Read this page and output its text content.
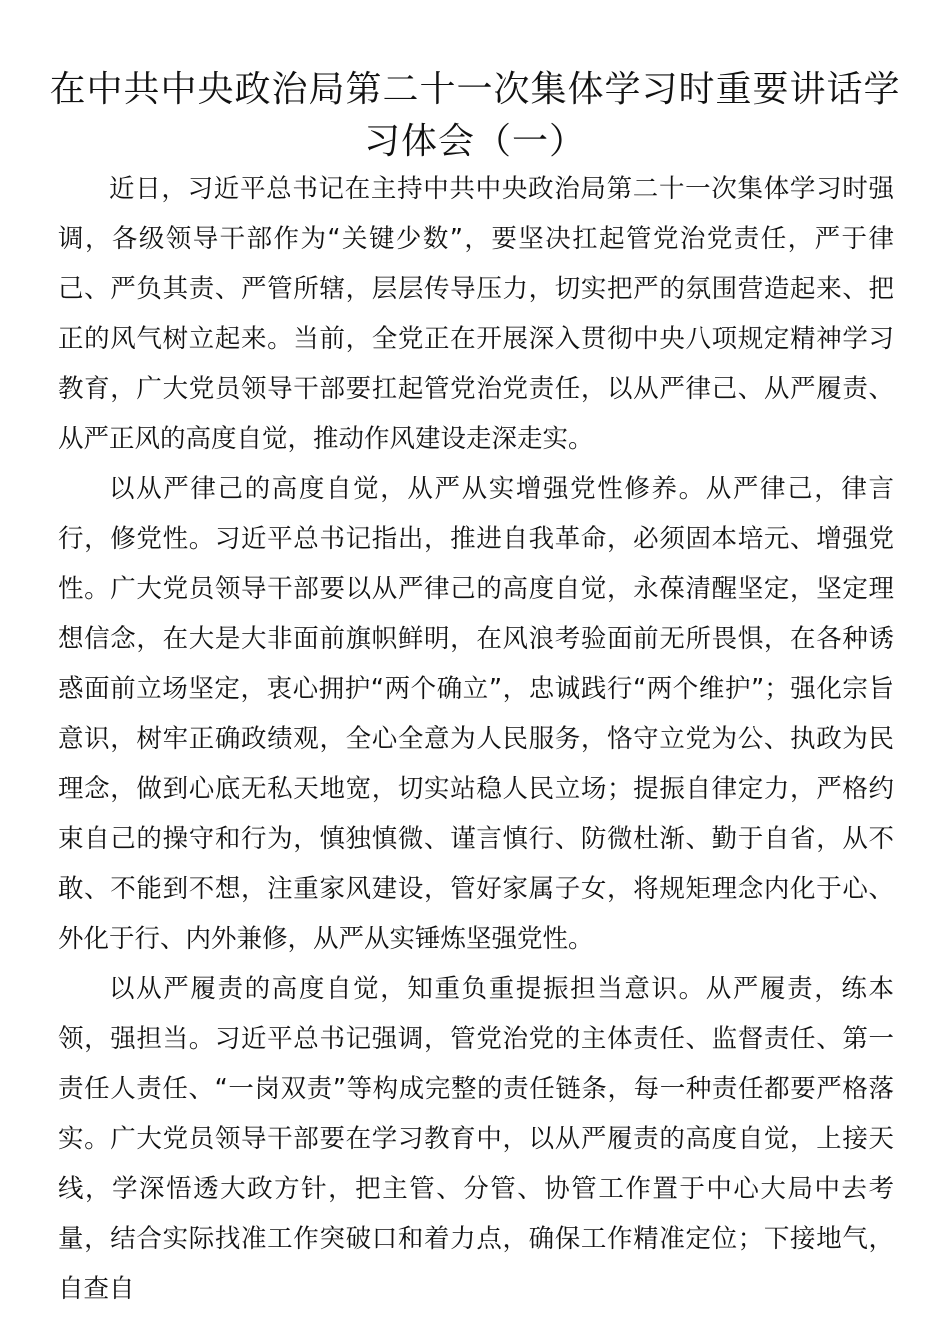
在中共中央政治局第二十一次集体学习时重要讲话学习体会（一）

近日，习近平总书记在主持中共中央政治局第二十一次集体学习时强调，各级领导干部作为“关键少数”，要坚决扛起管党治党责任，严于律己、严负其责、严管所辖，层层传导压力，切实把严的氛围营造起来、把正的风气树立起来。当前，全党正在开展深入贯彻中央八项规定精神学习教育，广大党员领导干部要扛起管党治党责任，以从严律己、从严履责、从严正风的高度自觉，推动作风建设走深走实。

以从严律己的高度自觉，从严从实增强党性修养。从严律己，律言行，修党性。习近平总书记指出，推进自我革命，必须固本培元、增强党性。广大党员领导干部要以从严律己的高度自觉，永葆清醒坚定，坚定理想信念，在大是大非面前旗帜鲜明，在风浪考验面前无所畏惧，在各种诱惑面前立场坚定，衷心拥护“两个确立”，忠诚践行“两个维护”；强化宗旨意识，树牢正确政绩观，全心全意为人民服务，恪守立党为公、执政为民理念，做到心底无私天地宽，切实站稳人民立场；提振自律定力，严格约束自己的操守和行为，慎独慎微、谨言慎行、防微杜渐、勤于自省，从不敢、不能到不想，注重家风建设，管好家属子女，将规矩理念内化于心、外化于行、内外兼修，从严从实锤炼坚强党性。

以从严履责的高度自觉，知重负重提振担当意识。从严履责，练本领，强担当。习近平总书记强调，管党治党的主体责任、监督责任、第一责任人责任、“一岗双责”等构成完整的责任链条，每一种责任都要严格落实。广大党员领导干部要在学习教育中，以从严履责的高度自觉，上接天线，学深悟透大政方针，把主管、分管、协管工作置于中心大局中去考量，结合实际找准工作突破口和着力点，确保工作精准定位；下接地气，自查自
